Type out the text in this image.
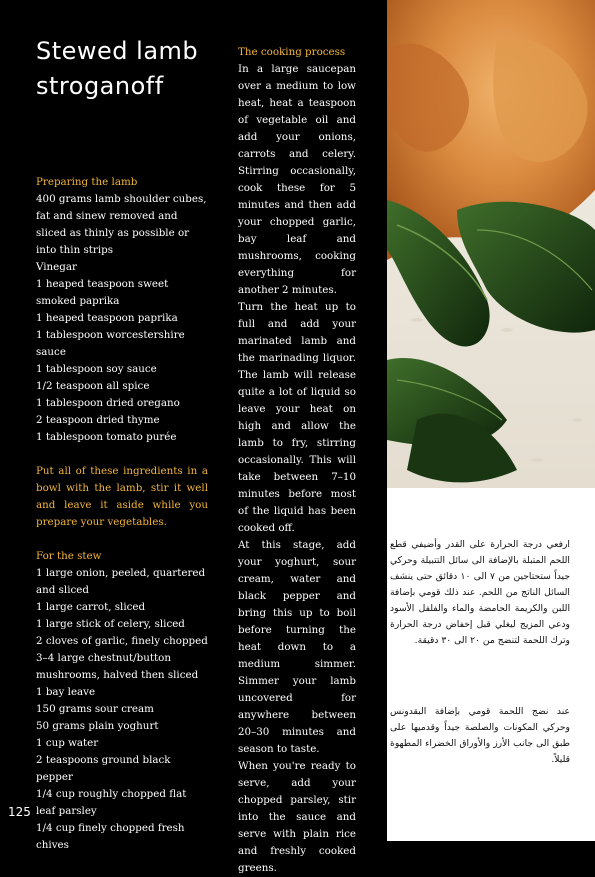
Stewed lamb stroganoff

Preparing the lamb

400 grams lamb shoulder cubes, fat and sinew removed and sliced as thinly as possible or into thin strips

Vinegar

1 heaped teaspoon sweet smoked paprika

1 heaped teaspoon paprika

1 tablespoon worcestershire sauce

1 tablespoon soy sauce

1/2 teaspoon all spice

1 tablespoon dried oregano

2 teaspoon dried thyme

1 tablespoon tomato purée

Put all of these ingredients in a bowl with the lamb, stir it well and leave it aside while you prepare your vegetables.

For the stew

1 large onion, peeled, quartered and sliced

1 large carrot, sliced

1 large stick of celery, sliced

2 cloves of garlic, finely chopped

3–4 large chestnut/button mushrooms, halved then sliced

1 bay leave

150 grams sour cream

50 grams plain yoghurt

1 cup water

2 teaspoons ground black pepper

1/4 cup roughly chopped flat leaf parsley

1/4 cup finely chopped fresh chives

The cooking process

In a large saucepan over a medium to low heat, heat a teaspoon of vegetable oil and add your onions, carrots and celery. Stirring occasionally, cook these for 5 minutes and then add your chopped garlic, bay leaf and mushrooms, cooking everything for another 2 minutes.

Turn the heat up to full and add your marinated lamb and the marinading liquor. The lamb will release quite a lot of liquid so leave your heat on high and allow the lamb to fry, stirring occasionally. This will take between 7–10 minutes before most of the liquid has been cooked off.

At this stage, add your yoghurt, sour cream, water and black pepper and bring this up to boil before turning the heat down to a medium simmer. Simmer your lamb uncovered for anywhere between 20–30 minutes and season to taste.

When you're ready to serve, add your chopped parsley, stir into the sauce and serve with plain rice and freshly cooked greens.

125

ارفعي درجة الحرارة على القدر وأضيفي قطع اللحم المتبلة بالإضافة الى سائل التتبيلة وحركي جيداً ستحتاجين من ٧ الى ١٠ دقائق حتى ينشف السائل الناتج من اللحم. عند ذلك قومي بإضافة اللبن والكريمة الحامضة والماء والفلفل الأسود ودعي المزيج ليغلي قبل إخفاض درجة الحرارة وترك اللحمة لتنضج من ٢٠ الى ٣٠ دقيقة.

عند نضج اللحمة قومي بإضافة البقدونس وحركي المكونات والصلصة جيداً وقدميها على طبق الى جانب الأرز والأوراق الخضراء المطهوة قليلاً.
